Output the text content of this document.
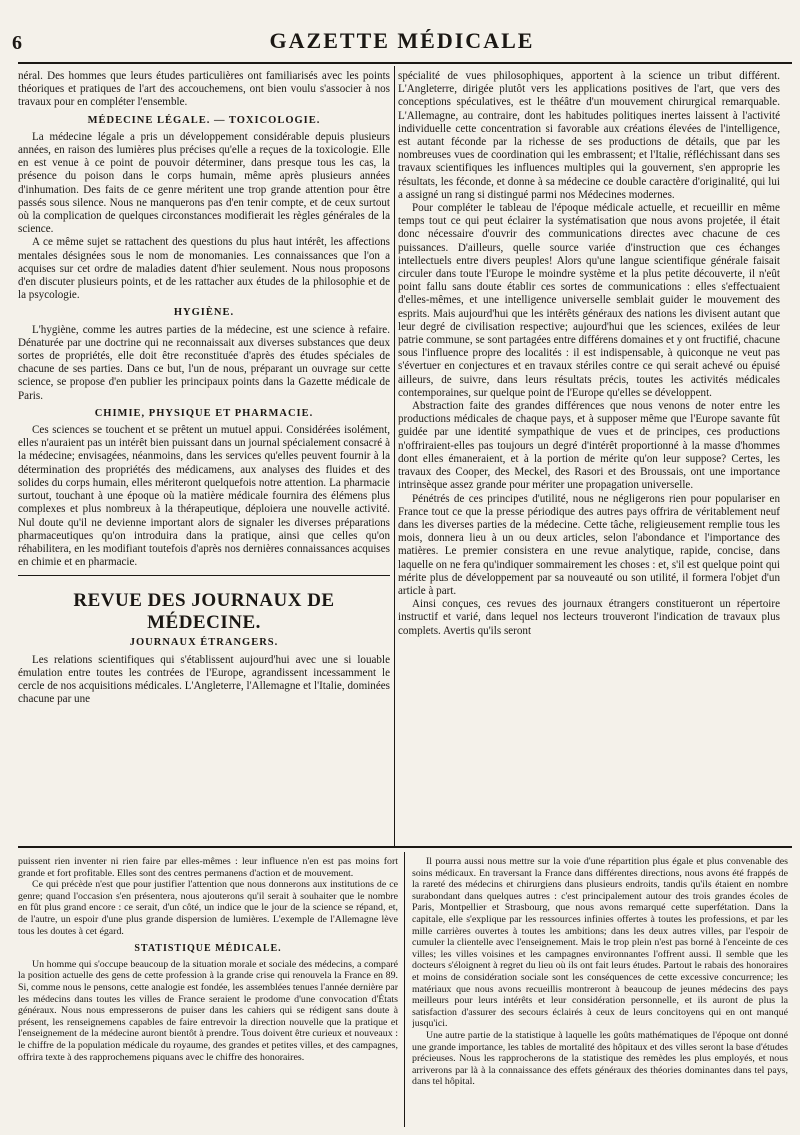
6	GAZETTE MÉDICALE

néral. Des hommes que leurs études particulières ont familiarisés avec les points théoriques et pratiques de l'art des accouchemens, ont bien voulu s'associer à nos travaux pour en compléter l'ensemble.

MÉDECINE LÉGALE. — TOXICOLOGIE.

La médecine légale a pris un développement considérable depuis plusieurs années, en raison des lumières plus précises qu'elle a reçues de la toxicologie. Elle en est venue à ce point de pouvoir déterminer, dans presque tous les cas, la présence du poison dans le corps humain, même après plusieurs années d'inhumation. Des faits de ce genre méritent une trop grande attention pour être passés sous silence. Nous ne manquerons pas d'en tenir compte, et de ceux surtout où la complication de quelques circonstances modifierait les règles générales de la science.

A ce même sujet se rattachent des questions du plus haut intérêt, les affections mentales désignées sous le nom de monomanies. Les connaissances que l'on a acquises sur cet ordre de maladies datent d'hier seulement. Nous nous proposons d'en discuter plusieurs points, et de les rattacher aux études de la philosophie et de la psycologie.

HYGIÈNE.

L'hygiène, comme les autres parties de la médecine, est une science à refaire. Dénaturée par une doctrine qui ne reconnaissait aux diverses substances que deux sortes de propriétés, elle doit être reconstituée d'après des études spéciales de chacune de ses parties. Dans ce but, l'un de nous, préparant un ouvrage sur cette science, se propose d'en publier les principaux points dans la Gazette médicale de Paris.

CHIMIE, PHYSIQUE ET PHARMACIE.

Ces sciences se touchent et se prêtent un mutuel appui. Considérées isolément, elles n'auraient pas un intérêt bien puissant dans un journal spécialement consacré à la médecine; envisagées, néanmoins, dans les services qu'elles peuvent fournir à la détermination des propriétés des médicamens, aux analyses des fluides et des solides du corps humain, elles mériteront quelquefois notre attention. La pharmacie surtout, touchant à une époque où la matière médicale fournira des élémens plus complexes et plus nombreux à la thérapeutique, déploiera une nouvelle activité. Nul doute qu'il ne devienne important alors de signaler les diverses préparations pharmaceutiques qu'on introduira dans la pratique, ainsi que celles qu'on réhabilitera, en les modifiant toutefois d'après nos dernières connaissances acquises en chimie et en pharmacie.

REVUE DES JOURNAUX DE MÉDECINE.
JOURNAUX ÉTRANGERS.

Les relations scientifiques qui s'établissent aujourd'hui avec une si louable émulation entre toutes les contrées de l'Europe, agrandissent incessamment le cercle de nos acquisitions médicales. L'Angleterre, l'Allemagne et l'Italie, dominées chacune par une

spécialité de vues philosophiques, apportent à la science un tribut différent. L'Angleterre, dirigée plutôt vers les applications positives de l'art, que vers des conceptions spéculatives, est le théâtre d'un mouvement chirurgical remarquable. L'Allemagne, au contraire, dont les habitudes politiques inertes laissent à l'activité individuelle cette concentration si favorable aux créations élevées de l'intelligence, est autant féconde par la richesse de ses productions de détails, que par les nombreuses vues de coordination qui les embrassent; et l'Italie, réfléchissant dans ses travaux scientifiques les influences multiples qui la gouvernent, s'en approprie les résultats, les féconde, et donne à sa médecine ce double caractère d'originalité, qui lui a assigné un rang si distingué parmi nos Médecines modernes.

Pour compléter le tableau de l'époque médicale actuelle, et recueillir en même temps tout ce qui peut éclairer la systématisation que nous avons projetée, il était donc nécessaire d'ouvrir des communications directes avec chacune de ces puissances. D'ailleurs, quelle source variée d'instruction que ces échanges intellectuels entre divers peuples! Alors qu'une langue scientifique générale faisait circuler dans toute l'Europe le moindre système et la plus petite découverte, il n'eût point fallu sans doute établir ces sortes de communications : elles s'effectuaient d'elles-mêmes, et une intelligence universelle semblait guider le mouvement des esprits. Mais aujourd'hui que les intérêts généraux des nations les divisent autant que leur degré de civilisation respective; aujourd'hui que les sciences, exilées de leur patrie commune, se sont partagées entre différens domaines et y ont fructifié, chacune sous l'influence propre des localités : il est indispensable, à quiconque ne veut pas s'évertuer en conjectures et en travaux stériles contre ce qui serait achevé ou épuisé ailleurs, de suivre, dans leurs résultats précis, toutes les activités médicales contemporaines, sur quelque point de l'Europe qu'elles se développent.

Abstraction faite des grandes différences que nous venons de noter entre les productions médicales de chaque pays, et à supposer même que l'Europe savante fût guidée par une identité sympathique de vues et de principes, ces productions n'offriraient-elles pas toujours un degré d'intérêt proportionné à la masse d'hommes dont elles émaneraient, et à la portion de mérite qu'on leur suppose? Certes, les travaux des Cooper, des Meckel, des Rasori et des Broussais, ont une importance intrinsèque assez grande pour mériter une propagation universelle.

Pénétrés de ces principes d'utilité, nous ne négligerons rien pour populariser en France tout ce que la presse périodique des autres pays offrira de véritablement neuf dans les diverses parties de la médecine. Cette tâche, religieusement remplie tous les mois, donnera lieu à un ou deux articles, selon l'abondance et l'importance des matières. Le premier consistera en une revue analytique, rapide, concise, dans laquelle on ne fera qu'indiquer sommairement les choses : et, s'il est quelque point qui mérite plus de développement par sa nouveauté ou son utilité, il formera l'objet d'un article à part.

Ainsi conçues, ces revues des journaux étrangers constitueront un répertoire instructif et varié, dans lequel nos lecteurs trouveront l'indication de travaux plus complets. Avertis qu'ils seront

puissent rien inventer ni rien faire par elles-mêmes : leur influence n'en est pas moins fort grande et fort profitable. Elles sont des centres permanens d'action et de mouvement.

Ce qui précède n'est que pour justifier l'attention que nous donnerons aux institutions de ce genre; quand l'occasion s'en présentera, nous ajouterons qu'il serait à souhaiter que le nombre en fût plus grand encore : ce serait, d'un côté, un indice que le jour de la science se répand, et, de l'autre, un espoir d'une plus grande dispersion de lumières. L'exemple de l'Allemagne lève tous les doutes à cet égard.

STATISTIQUE MÉDICALE.

Un homme qui s'occupe beaucoup de la situation morale et sociale des médecins, a comparé la position actuelle des gens de cette profession à la grande crise qui renouvela la France en 89. Si, comme nous le pensons, cette analogie est fondée, les assemblées tenues l'année dernière par les médecins dans toutes les villes de France seraient le prodome d'une convocation d'États généraux. Nous nous empresserons de puiser dans les cahiers qui se rédigent sans doute à présent, les renseignemens capables de faire entrevoir la direction nouvelle que la pratique et l'enseignement de la médecine auront bientôt à prendre. Tous doivent être curieux et nouveaux : le chiffre de la population médicale du royaume, des grandes et petites villes, et des campagnes, offrira texte à des rapprochemens piquans avec le chiffre des honoraires.

Il pourra aussi nous mettre sur la voie d'une répartition plus égale et plus convenable des soins médicaux. En traversant la France dans différentes directions, nous avons été frappés de la rareté des médecins et chirurgiens dans plusieurs endroits, tandis qu'ils étaient en nombre surabondant dans quelques autres : c'est principalement autour des trois grandes écoles de Paris, Montpellier et Strasbourg, que nous avons remarqué cette superfétation. Dans la capitale, elle s'explique par les ressources infinies offertes à toutes les professions, et par les mille carrières ouvertes à toutes les ambitions; dans les deux autres villes, par l'espoir de cumuler la clientelle avec l'enseignement. Mais le trop plein n'est pas borné à l'enceinte de ces villes; les villes voisines et les campagnes environnantes l'offrent aussi. Il semble que les docteurs s'éloignent à regret du lieu où ils ont fait leurs études. Partout le rabais des honoraires et moins de considération sociale sont les conséquences de cette excessive concurrence; les matériaux que nous avons recueillis montreront à beaucoup de jeunes médecins des pays meilleurs pour leurs intérêts et leur considération personnelle, et ils auront de plus la satisfaction d'assurer des secours éclairés à ceux de leurs concitoyens qui en ont manqué jusqu'ici.

Une autre partie de la statistique à laquelle les goûts mathématiques de l'époque ont donné une grande importance, les tables de mortalité des hôpitaux et des villes seront la base d'études précieuses. Nous les rapprocherons de la statistique des remèdes les plus employés, et nous arriverons par là à la connaissance des effets généraux des théories dominantes dans tel pays, dans tel hôpital.
